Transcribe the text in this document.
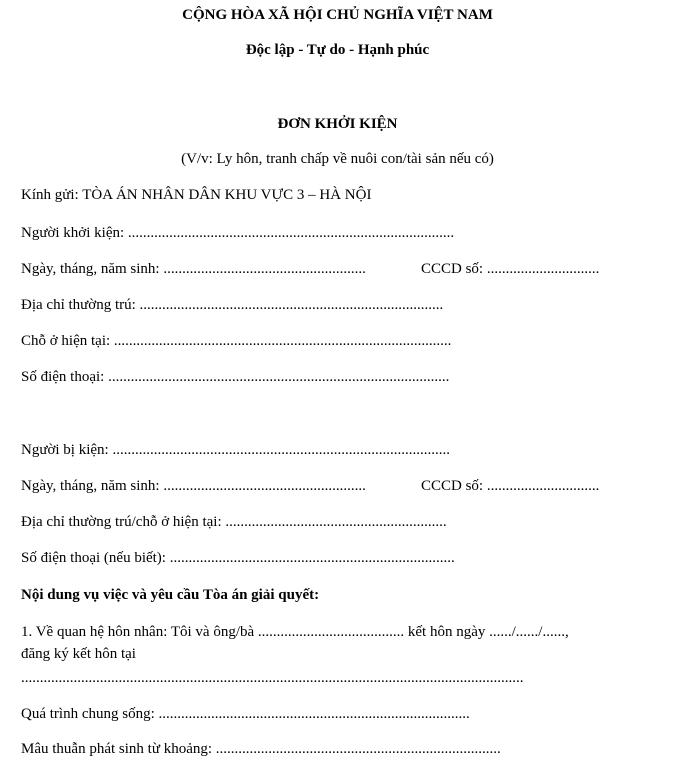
CỘNG HÒA XÃ HỘI CHỦ NGHĨA VIỆT NAM
Độc lập - Tự do - Hạnh phúc
ĐƠN KHỞI KIỆN
(V/v: Ly hôn, tranh chấp về nuôi con/tài sản nếu có)
Kính gửi: TÒA ÁN NHÂN DÂN KHU VỰC 3 – HÀ NỘI
Người khởi kiện: .......................................................................................
Ngày, tháng, năm sinh: ......................................................	CCCD số: ..............................
Địa chỉ thường trú: .................................................................................
Chỗ ở hiện tại: ..........................................................................................
Số điện thoại: ...........................................................................................
Người bị kiện: ..........................................................................................
Ngày, tháng, năm sinh: ......................................................	CCCD số: ..............................
Địa chỉ thường trú/chỗ ở hiện tại: ...........................................................
Số điện thoại (nếu biết): ............................................................................
Nội dung vụ việc và yêu cầu Tòa án giải quyết:
1. Về quan hệ hôn nhân: Tôi và ông/bà ....................................... kết hôn ngày ....../....../......,
đăng ký kết hôn tại
......................................................................................................................................
Quá trình chung sống: ...................................................................................
Mâu thuẫn phát sinh từ khoảng: ............................................................................
